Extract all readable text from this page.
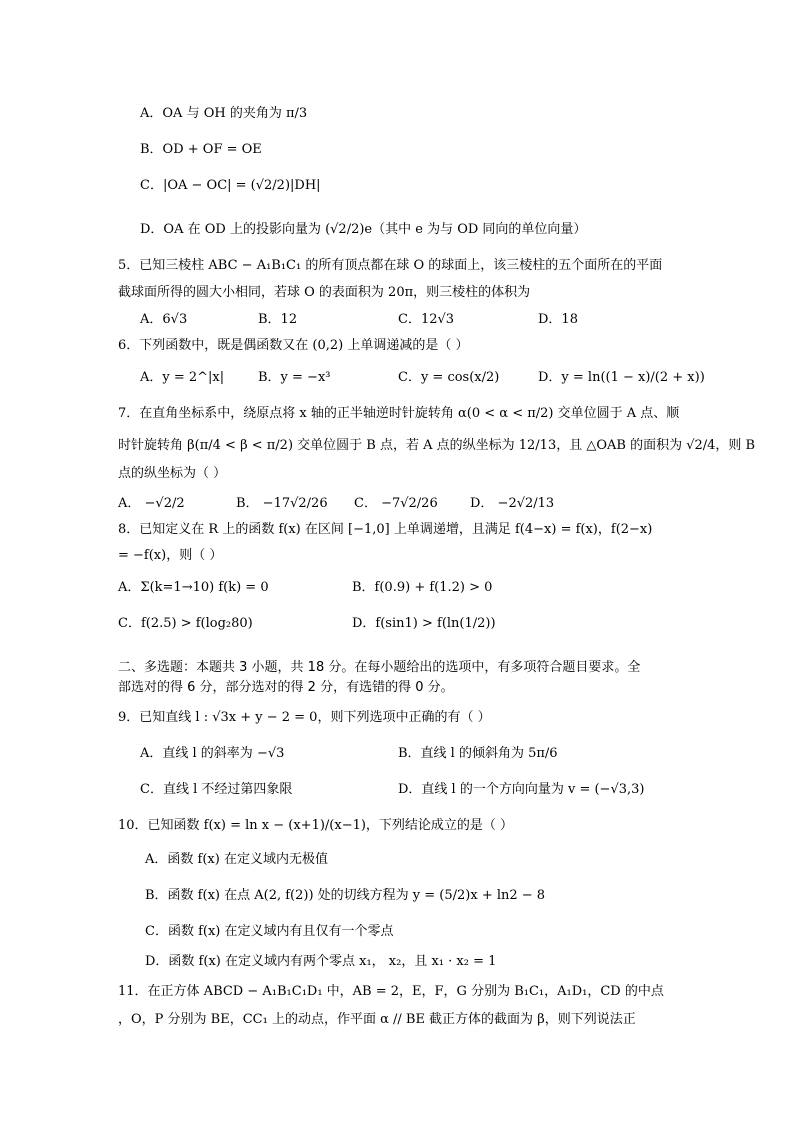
A．OA 与 OH 的夹角为 π/3
B．OD + OF = OE
C．|OA − OC| = (√2/2)|DH|
D．OA 在 OD 上的投影向量为 (√2/2)e（其中 e 为与 OD 同向的单位向量）
5．已知三棱柱 ABC − A₁B₁C₁ 的所有顶点都在球 O 的球面上，该三棱柱的五个面所在的平面
截球面所得的圆大小相同，若球 O 的表面积为 20π，则三棱柱的体积为
A．6√3	B．12	C．12√3	D．18
6．下列函数中，既是偶函数又在 (0,2) 上单调递减的是（ ）
A．y = 2^|x|	B．y = −x³	C．y = cos(x/2)	D．y = ln((1 − x)/(2 + x))
7．在直角坐标系中，绕原点将 x 轴的正半轴逆时针旋转角 α(0 < α < π/2) 交单位圆于 A 点、顺
时针旋转角 β(π/4 < β < π/2) 交单位圆于 B 点，若 A 点的纵坐标为 12/13，且 △OAB 的面积为 √2/4，则 B
点的纵坐标为（ ）
A． −√2/2	B． −17√2/26 C． −7√2/26 D． −2√2/13
8．已知定义在 R 上的函数 f(x) 在区间 [−1,0] 上单调递增，且满足 f(4−x) = f(x)，f(2−x)
= −f(x)，则（ ）
A．Σ(k=1→10) f(k) = 0	B．f(0.9) + f(1.2) > 0
C．f(2.5) > f(log₂80)	D．f(sin1) > f(ln(1/2))
二、多选题：本题共 3 小题，共 18 分。在每小题给出的选项中，有多项符合题目要求。全
部选对的得 6 分，部分选对的得 2 分，有选错的得 0 分。
9．已知直线 l : √3x + y − 2 = 0，则下列选项中正确的有（ ）
A．直线 l 的斜率为 −√3	B．直线 l 的倾斜角为 5π/6
C．直线 l 不经过第四象限	D．直线 l 的一个方向向量为 v = (−√3,3)
10．已知函数 f(x) = ln x − (x+1)/(x−1)，下列结论成立的是（ ）
A．函数 f(x) 在定义域内无极值
B．函数 f(x) 在点 A(2, f(2)) 处的切线方程为 y = (5/2)x + ln2 − 8
C．函数 f(x) 在定义域内有且仅有一个零点
D．函数 f(x) 在定义域内有两个零点 x₁， x₂，且 x₁ · x₂ = 1
11．在正方体 ABCD − A₁B₁C₁D₁ 中，AB = 2，E，F，G 分别为 B₁C₁，A₁D₁，CD 的中点
，O，P 分别为 BE，CC₁ 上的动点，作平面 α // BE 截正方体的截面为 β，则下列说法正
